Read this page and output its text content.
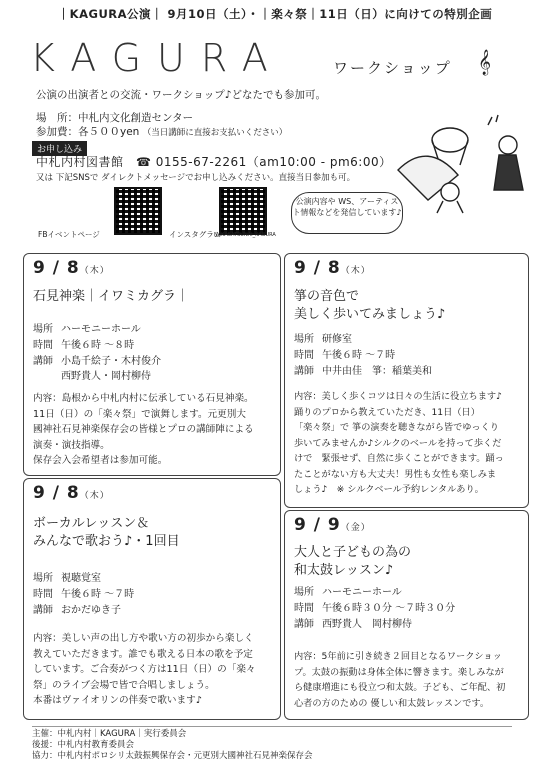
｜KAGURA公演｜ 9月10日（土）・｜楽々祭｜11日（日）に向けての特別企画
KAGURA	ワークショップ 𝄞
公演の出演者との交流・ワークショップ♪どなたでも参加可。
場　所：中札内文化創造センター
参加費：各５００yen （当日講師に直接お支払いください）
お申し込み
中札内村図書館　☎ 0155-67-2261（am10:00 - pm6:00）
又は 下記SNSで ダイレクトメッセージでお申し込みください。直接当日参加も可。
FBイベントページ	インスタグラム
NAKASATSUNAI_KAGURA
公演内容や WS、アーティスト情報などを発信しています♪
9 / 8（木）
石見神楽｜イワミカグラ｜
場所 ハーモニーホール
時間 午後６時 〜８時
講師 小島千絵子・木村俊介
西野貴人・岡村柳侍
内容：島根から中札内村に伝承している石見神楽。
11日（日）の「楽々祭」で演舞します。元更別大
國神社石見神楽保存会の皆様とプロの講師陣による
演奏・演技指導。
保存会入会希望者は参加可能。
9 / 8（木）
ボーカルレッスン＆
みんなで歌おう♪・1回目
場所 視聴覚室
時間 午後６時 〜７時
講師 おかだゆき子
内容：美しい声の出し方や歌い方の初歩から楽しく
教えていただきます。誰でも歌える日本の歌を予定
しています。ご合奏がつく方は11日（日）の「楽々
祭」のライブ会場で皆で合唱しましょう。
本番はヴァイオリンの伴奏で歌います♪
9 / 8（木）
箏の音色で
美しく歩いてみましょう♪
場所 研修室
時間 午後６時 〜７時
講師 中井由佳　箏：稲葉美和
内容：美しく歩くコツは日々の生活に役立ちます♪
踊りのプロから教えていただき、11日（日）
「楽々祭」で 箏の演奏を聴きながら皆でゆっくり
歩いてみませんか♪シルクのベールを持って歩くだ
けで　緊張せず、自然に歩くことができます。踊っ
たことがない方も大丈夫！男性も女性も楽しみま
しょう♪　※ シルクベール予約レンタルあり。
9 / 9（金）
大人と子どもの為の
和太鼓レッスン♪
場所 ハーモニーホール
時間 午後６時３０分 〜７時３０分
講師 西野貴人　岡村柳侍
内容：5年前に引き続き２回目となるワークショッ
プ。太鼓の振動は身体全体に響きます。楽しみなが
ら健康増進にも役立つ和太鼓。子ども、ご年配、初
心者の方のための 優しい和太鼓レッスンです。
主催：中札内村｜KAGURA｜実行委員会
後援：中札内村教育委員会
協力：中札内村ポロシリ太鼓振興保存会・元更別大國神社石見神楽保存会
